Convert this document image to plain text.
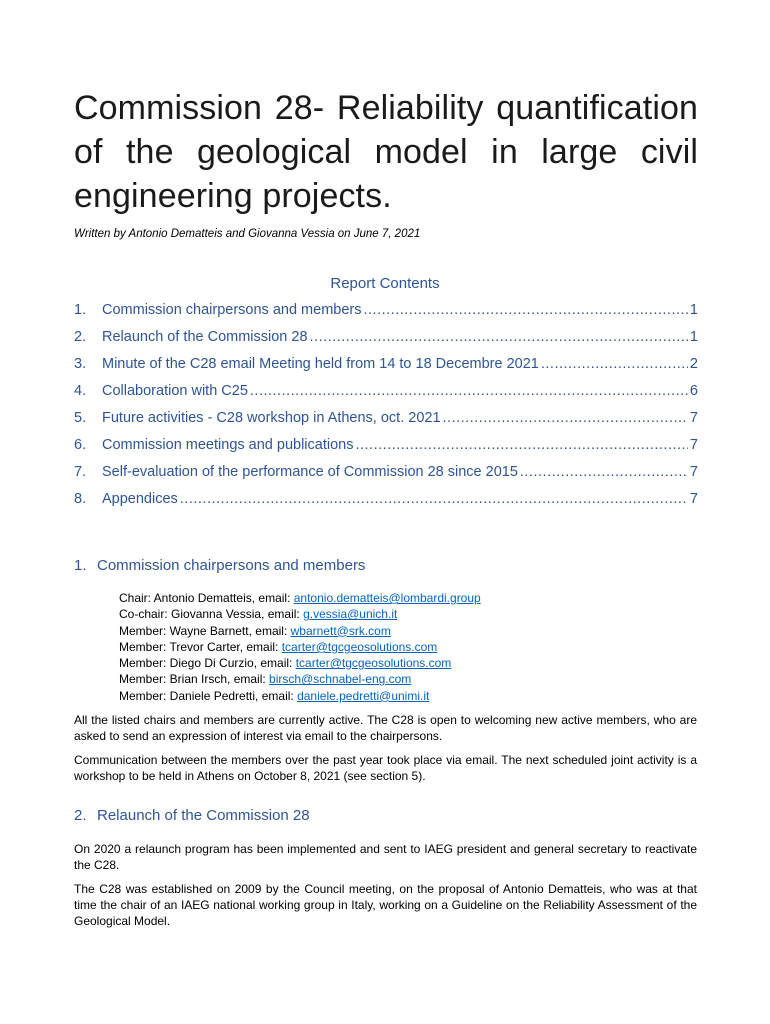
Commission 28- Reliability quantification of the geological model in large civil engineering projects.
Written by Antonio Dematteis and Giovanna Vessia on June 7, 2021
Report Contents
1.	Commission chairpersons and members .....	1
2.	Relaunch of the Commission 28 .....	1
3.	Minute of the C28 email Meeting held from 14 to 18 Decembre 2021 .....	2
4.	Collaboration with C25 .....	6
5.	Future activities - C28 workshop in Athens, oct. 2021 .....	7
6.	Commission meetings and publications .....	7
7.	Self-evaluation of the performance of Commission 28 since 2015 .....	7
8.	Appendices .....	7
1. Commission chairpersons and members
Chair: Antonio Dematteis, email: antonio.dematteis@lombardi.group
Co-chair: Giovanna Vessia, email: g.vessia@unich.it
Member: Wayne Barnett, email: wbarnett@srk.com
Member: Trevor Carter, email: tcarter@tgcgeosolutions.com
Member: Diego Di Curzio, email: tcarter@tgcgeosolutions.com
Member: Brian Irsch, email: birsch@schnabel-eng.com
Member: Daniele Pedretti, email: daniele.pedretti@unimi.it

All the listed chairs and members are currently active. The C28 is open to welcoming new active members, who are asked to send an expression of interest via email to the chairpersons.

Communication between the members over the past year took place via email. The next scheduled joint activity is a workshop to be held in Athens on October 8, 2021 (see section 5).

2. Relaunch of the Commission 28

On 2020 a relaunch program has been implemented and sent to IAEG president and general secretary to reactivate the C28.

The C28 was established on 2009 by the Council meeting, on the proposal of Antonio Dematteis, who was at that time the chair of an IAEG national working group in Italy, working on a Guideline on the Reliability Assessment of the Geological Model.
